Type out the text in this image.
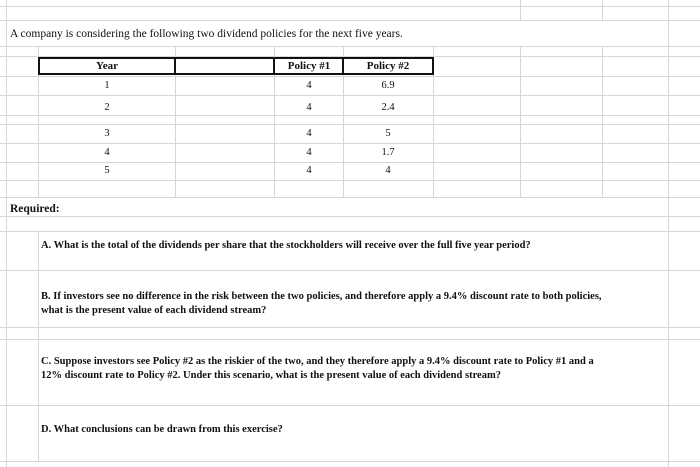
A company is considering the following two dividend policies for the next five years.
Year	Policy #1	Policy #2
1	4	6.9
2	4	2.4
3	4	5
4	4	1.7
5	4	4
Required:
A. What is the total of the dividends per share that the stockholders will receive over the full five year period?
B. If investors see no difference in the risk between the two policies, and therefore apply a 9.4% discount rate to both policies,
what is the present value of each dividend stream?
C. Suppose investors see Policy #2 as the riskier of the two, and they therefore apply a 9.4% discount rate to Policy #1 and a
12% discount rate to Policy #2. Under this scenario, what is the present value of each dividend stream?
D. What conclusions can be drawn from this exercise?
